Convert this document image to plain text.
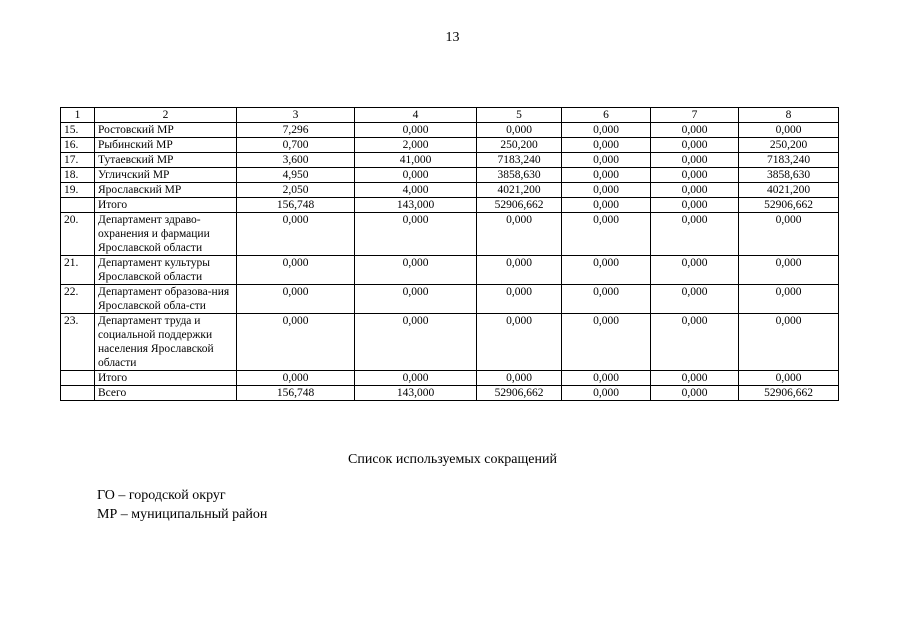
13
1	2	3	4	5	6	7	8
15.	Ростовский МР	7,296	0,000	0,000	0,000	0,000	0,000
16.	Рыбинский МР	0,700	2,000	250,200	0,000	0,000	250,200
17.	Тутаевский МР	3,600	41,000	7183,240	0,000	0,000	7183,240
18.	Угличский МР	4,950	0,000	3858,630	0,000	0,000	3858,630
19.	Ярославский МР	2,050	4,000	4021,200	0,000	0,000	4021,200
	Итого	156,748	143,000	52906,662	0,000	0,000	52906,662
20.	Департамент здраво-охранения и фармации Ярославской области	0,000	0,000	0,000	0,000	0,000	0,000
21.	Департамент культуры Ярославской области	0,000	0,000	0,000	0,000	0,000	0,000
22.	Департамент образова-ния Ярославской обла-сти	0,000	0,000	0,000	0,000	0,000	0,000
23.	Департамент труда и социальной поддержки населения Ярославской области	0,000	0,000	0,000	0,000	0,000	0,000
	Итого	0,000	0,000	0,000	0,000	0,000	0,000
	Всего	156,748	143,000	52906,662	0,000	0,000	52906,662
Список используемых сокращений
ГО – городской округ
МР – муниципальный район
